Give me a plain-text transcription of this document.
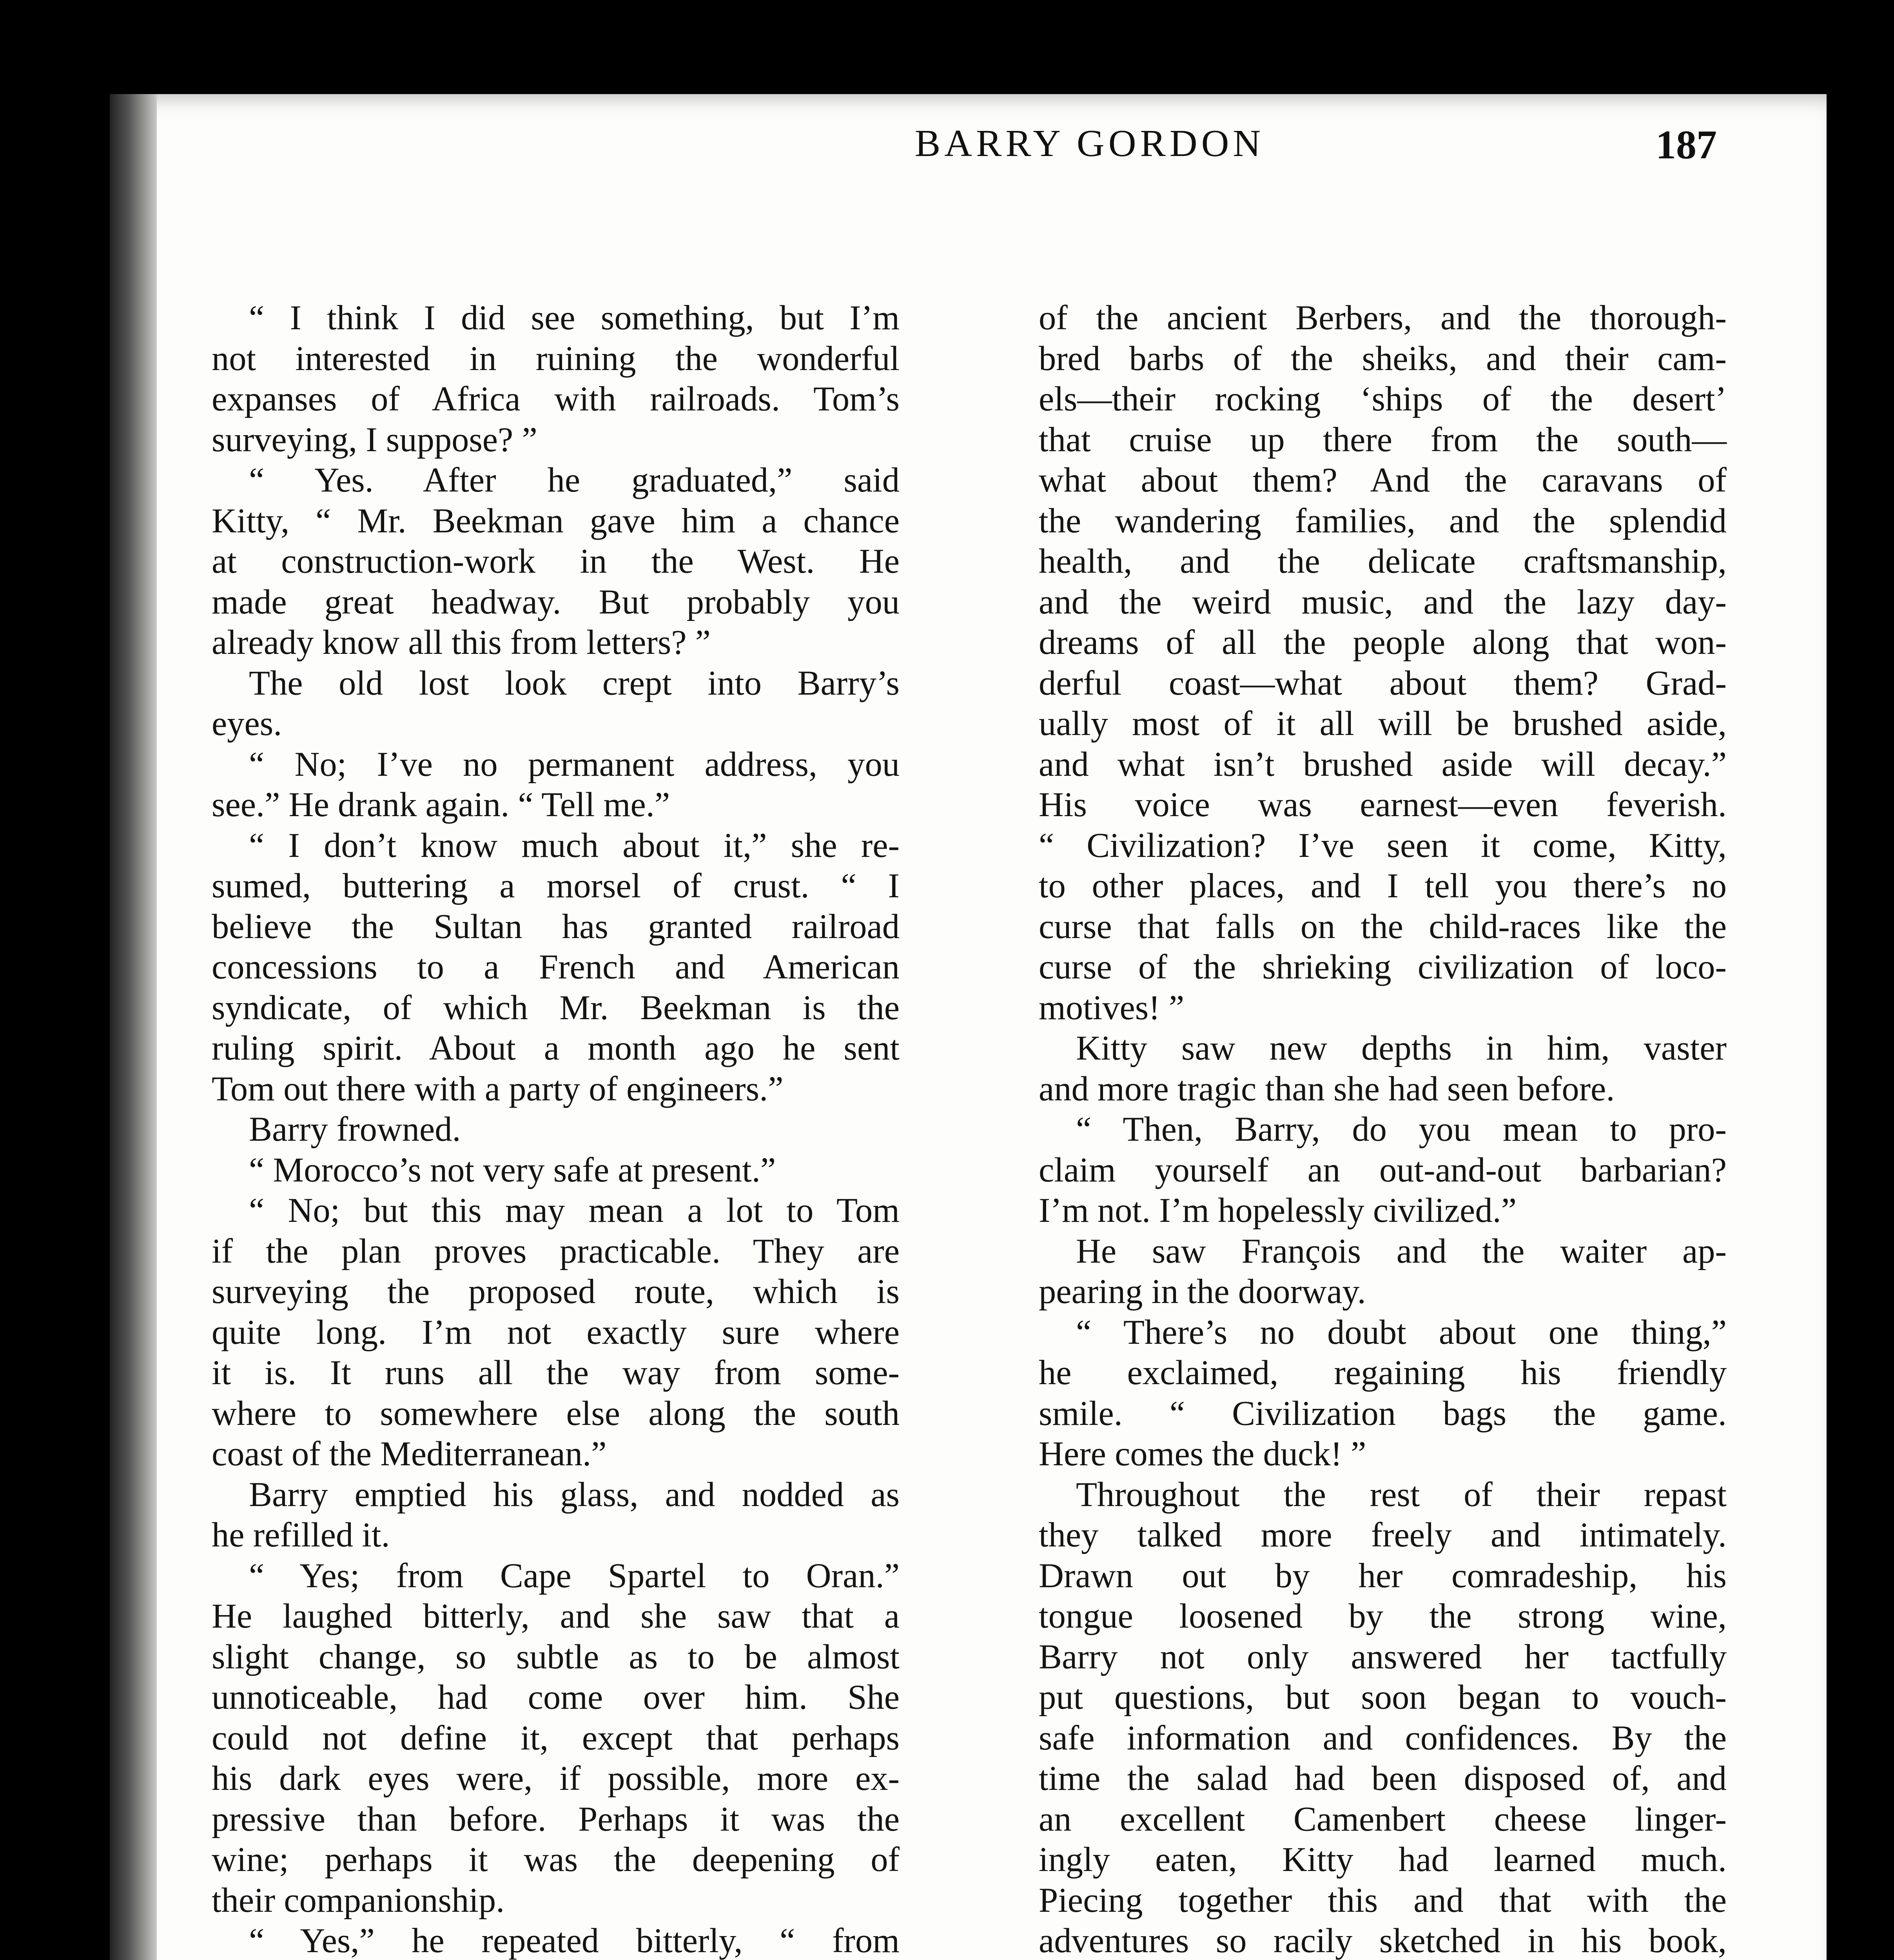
BARRY GORDON	187
“ I think I did see something, but I’m
not interested in ruining the wonderful
expanses of Africa with railroads. Tom’s
surveying, I suppose? ”
“ Yes. After he graduated,” said
Kitty, “ Mr. Beekman gave him a chance
at construction-work in the West. He
made great headway. But probably you
already know all this from letters? ”
The old lost look crept into Barry’s
eyes.
“ No; I’ve no permanent address, you
see.” He drank again. “ Tell me.”
“ I don’t know much about it,” she re-
sumed, buttering a morsel of crust. “ I
believe the Sultan has granted railroad
concessions to a French and American
syndicate, of which Mr. Beekman is the
ruling spirit. About a month ago he sent
Tom out there with a party of engineers.”
Barry frowned.
“ Morocco’s not very safe at present.”
“ No; but this may mean a lot to Tom
if the plan proves practicable. They are
surveying the proposed route, which is
quite long. I’m not exactly sure where
it is. It runs all the way from some-
where to somewhere else along the south
coast of the Mediterranean.”
Barry emptied his glass, and nodded as
he refilled it.
“ Yes; from Cape Spartel to Oran.”
He laughed bitterly, and she saw that a
slight change, so subtle as to be almost
unnoticeable, had come over him. She
could not define it, except that perhaps
his dark eyes were, if possible, more ex-
pressive than before. Perhaps it was the
wine; perhaps it was the deepening of
their companionship.
“ Yes,” he repeated bitterly, “ from
of the ancient Berbers, and the thorough-
bred barbs of the sheiks, and their cam-
els—their rocking ‘ships of the desert’
that cruise up there from the south—
what about them? And the caravans of
the wandering families, and the splendid
health, and the delicate craftsmanship,
and the weird music, and the lazy day-
dreams of all the people along that won-
derful coast—what about them? Grad-
ually most of it all will be brushed aside,
and what isn’t brushed aside will decay.”
His voice was earnest—even feverish.
“ Civilization? I’ve seen it come, Kitty,
to other places, and I tell you there’s no
curse that falls on the child-races like the
curse of the shrieking civilization of loco-
motives! ”
Kitty saw new depths in him, vaster
and more tragic than she had seen before.
“ Then, Barry, do you mean to pro-
claim yourself an out-and-out barbarian?
I’m not. I’m hopelessly civilized.”
He saw François and the waiter ap-
pearing in the doorway.
“ There’s no doubt about one thing,”
he exclaimed, regaining his friendly
smile. “ Civilization bags the game.
Here comes the duck! ”
Throughout the rest of their repast
they talked more freely and intimately.
Drawn out by her comradeship, his
tongue loosened by the strong wine,
Barry not only answered her tactfully
put questions, but soon began to vouch-
safe information and confidences. By the
time the salad had been disposed of, and
an excellent Camenbert cheese linger-
ingly eaten, Kitty had learned much.
Piecing together this and that with the
adventures so racily sketched in his book,
